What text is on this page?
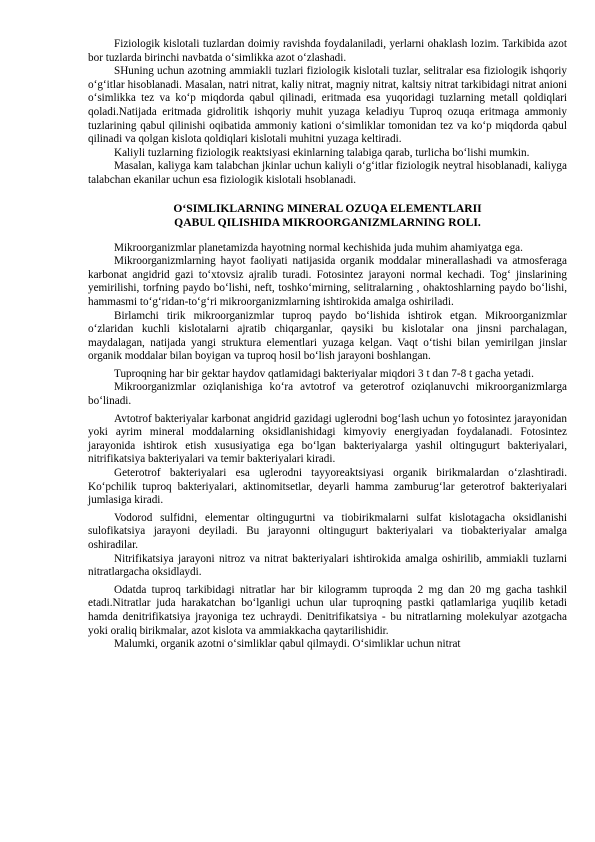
Fiziologik kislotali tuzlardan doimiy ravishda foydalaniladi, yerlarni ohaklash lozim. Tarkibida azot bor tuzlarda birinchi navbatda o‘simlikka azot o‘zlashadi.

SHuning uchun azotning ammiakli tuzlari fiziologik kislotali tuzlar, selitralar esa fiziologik ishqoriy o‘g‘itlar hisoblanadi. Masalan, natri nitrat, kaliy nitrat, magniy nitrat, kaltsiy nitrat tarkibidagi nitrat anioni o‘simlikka tez va ko‘p miqdorda qabul qilinadi, eritmada esa yuqoridagi tuzlarning metall qoldiqlari qoladi.Natijada eritmada gidrolitik ishqoriy muhit yuzaga keladiyu Tuproq ozuqa eritmaga ammoniy tuzlarining qabul qilinishi oqibatida ammoniy kationi o‘simliklar tomonidan tez va ko‘p miqdorda qabul qilinadi va qolgan kislota qoldiqlari kislotali muhitni yuzaga keltiradi.

Kaliyli tuzlarning fiziologik reaktsiyasi ekinlarning talabiga qarab, turlicha bo‘lishi mumkin.

Masalan, kaliyga kam talabchan jkinlar uchun kaliyli o‘g‘itlar fiziologik neytral hisoblanadi, kaliyga talabchan ekanilar uchun esa fiziologik kislotali hsoblanadi.

O‘SIMLIKLARNING MINERAL OZUQA ELEMENTLARII
QABUL QILISHIDA MIKROORGANIZMLARNING ROLI.

Mikroorganizmlar planetamizda hayotning normal kechishida juda muhim ahamiyatga ega.

Mikroorganizmlarning hayot faoliyati natijasida organik moddalar minerallashadi va atmosferaga karbonat angidrid gazi to‘xtovsiz ajralib turadi. Fotosintez jarayoni normal kechadi. Tog‘ jinslarining yemirilishi, torfning paydo bo‘lishi, neft, toshko‘mirning, selitralarning , ohaktoshlarning paydo bo‘lishi, hammasmi to‘g‘ridan-to‘g‘ri mikroorganizmlarning ishtirokida amalga oshiriladi.

Birlamchi tirik mikroorganizmlar tuproq paydo bo‘lishida ishtirok etgan. Mikroorganizmlar o‘zlaridan kuchli kislotalarni ajratib chiqarganlar, qaysiki bu kislotalar ona jinsni parchalagan, maydalagan, natijada yangi struktura elementlari yuzaga kelgan. Vaqt o‘tishi bilan yemirilgan jinslar organik moddalar bilan boyigan va tuproq hosil bo‘lish jarayoni boshlangan.

Tuproqning har bir gektar haydov qatlamidagi bakteriyalar miqdori 3 t dan 7-8 t gacha yetadi.

Mikroorganizmlar oziqlanishiga ko‘ra avtotrof va geterotrof oziqlanuvchi mikroorganizmlarga bo‘linadi.

Avtotrof bakteriyalar karbonat angidrid gazidagi uglerodni bog‘lash uchun yo fotosintez jarayonidan yoki ayrim mineral moddalarning oksidlanishidagi kimyoviy energiyadan foydalanadi. Fotosintez jarayonida ishtirok etish xususiyatiga ega bo‘lgan bakteriyalarga yashil oltingugurt bakteriyalari, nitrifikatsiya bakteriyalari va temir bakteriyalari kiradi.

Geterotrof bakteriyalari esa uglerodni tayyoreaktsiyasi organik birikmalardan o‘zlashtiradi. Ko‘pchilik tuproq bakteriyalari, aktinomitsetlar, deyarli hamma zamburug‘lar geterotrof bakteriyalari jumlasiga kiradi.

Vodorod sulfidni, elementar oltingugurtni va tiobirikmalarni sulfat kislotagacha oksidlanishi sulofikatsiya jarayoni deyiladi. Bu jarayonni oltingugurt bakteriyalari va tiobakteriyalar amalga oshiradilar.

Nitrifikatsiya jarayoni nitroz va nitrat bakteriyalari ishtirokida amalga oshirilib, ammiakli tuzlarni nitratlargacha oksidlaydi.

Odatda tuproq tarkibidagi nitratlar har bir kilogramm tuproqda 2 mg dan 20 mg gacha tashkil etadi.Nitratlar juda harakatchan bo‘lganligi uchun ular tuproqning pastki qatlamlariga yuqilib ketadi hamda denitrifikatsiya jrayoniga tez uchraydi. Denitrifikatsiya - bu nitratlarning molekulyar azotgacha yoki oraliq birikmalar, azot kislota va ammiakkacha qaytarilishidir.

Malumki, organik azotni o‘simliklar qabul qilmaydi. O‘simliklar uchun nitrat
